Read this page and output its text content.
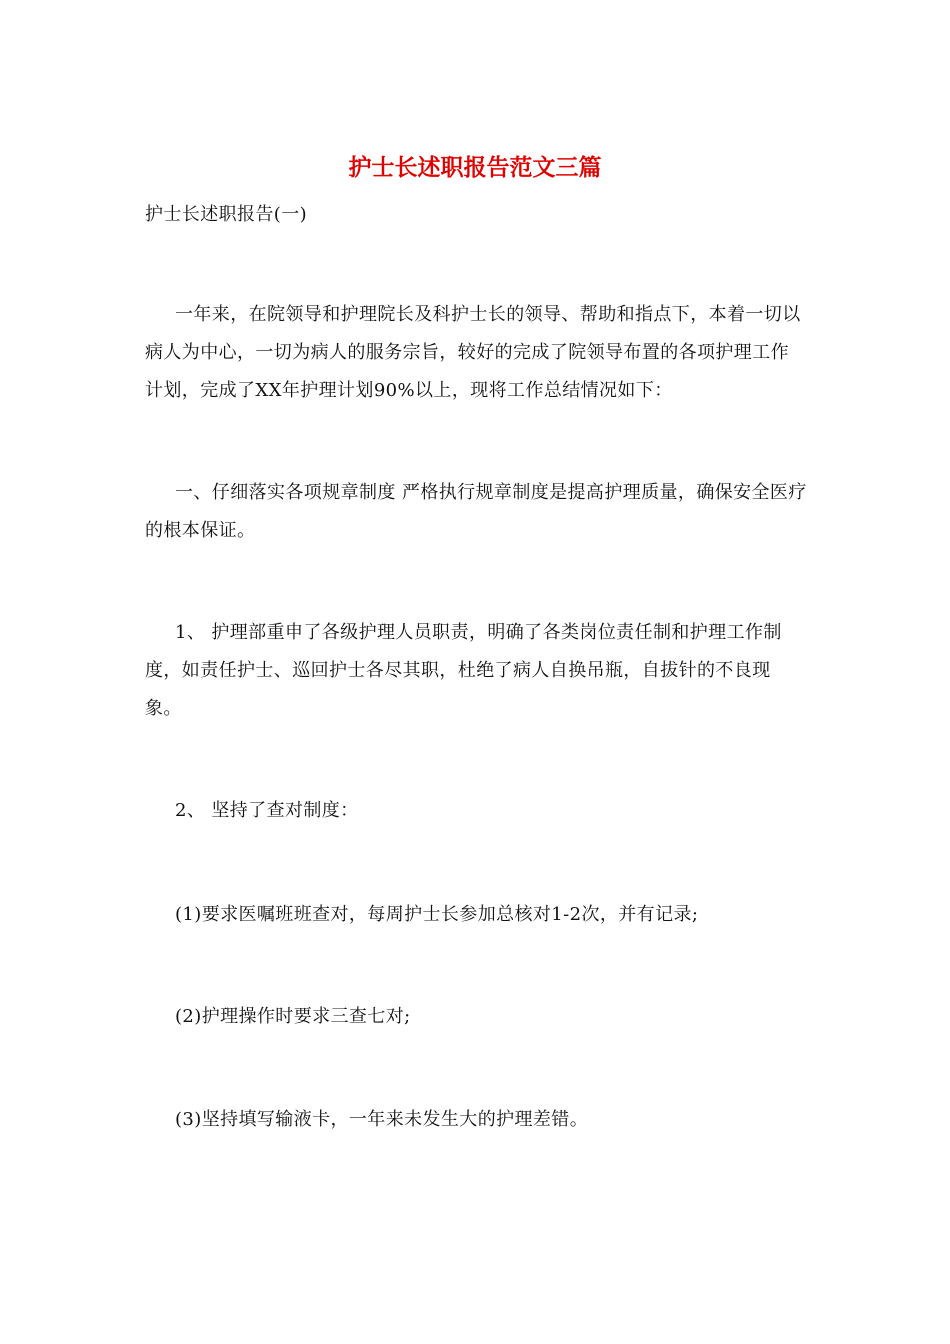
护士长述职报告范文三篇

护士长述职报告(一)

一年来，在院领导和护理院长及科护士长的领导、帮助和指点下，本着一切以病人为中心，一切为病人的服务宗旨，较好的完成了院领导布置的各项护理工作计划，完成了XX年护理计划90%以上，现将工作总结情况如下：

一、仔细落实各项规章制度 严格执行规章制度是提高护理质量，确保安全医疗的根本保证。

1、 护理部重申了各级护理人员职责，明确了各类岗位责任制和护理工作制度，如责任护士、巡回护士各尽其职，杜绝了病人自换吊瓶，自拔针的不良现象。

2、 坚持了查对制度：

(1)要求医嘱班班查对，每周护士长参加总核对1-2次，并有记录;

(2)护理操作时要求三查七对;

(3)坚持填写输液卡，一年来未发生大的护理差错。
